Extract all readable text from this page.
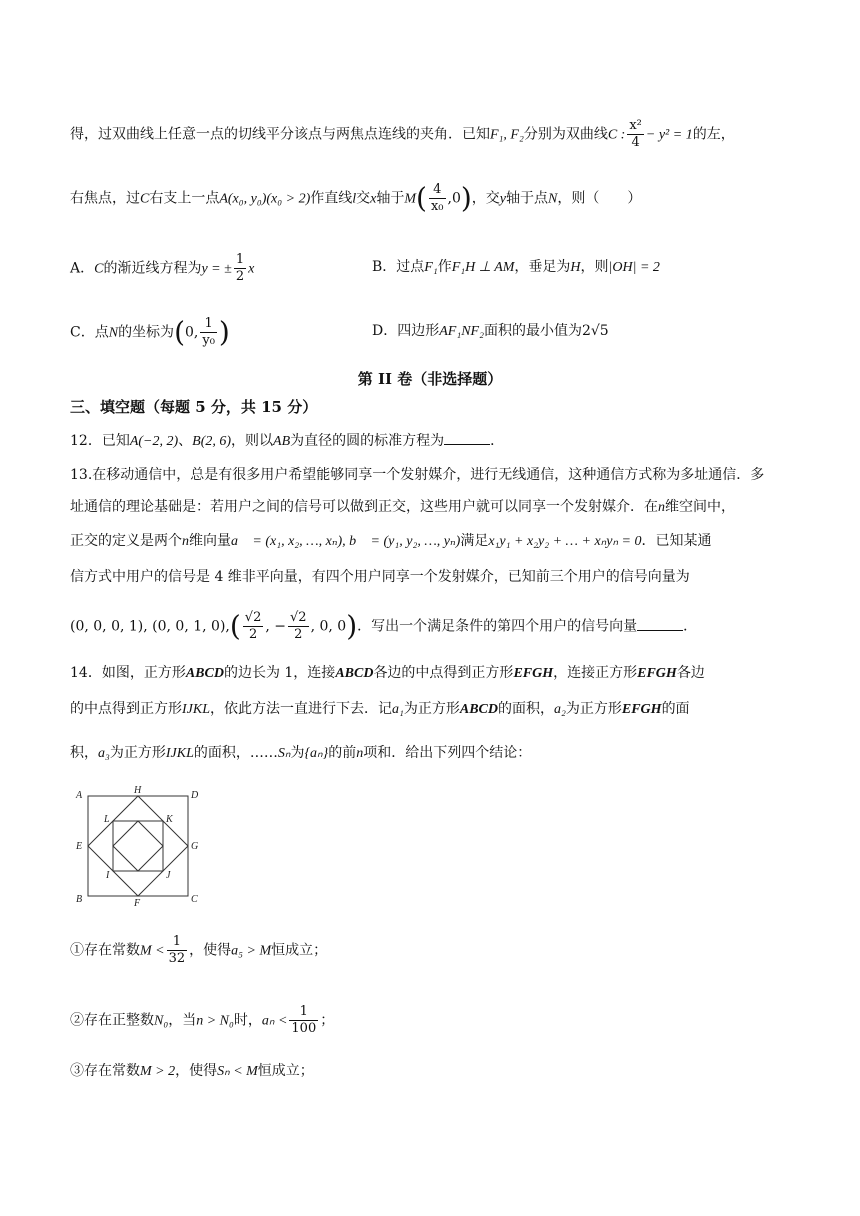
得，过双曲线上任意一点的切线平分该点与两焦点连线的夹角．已知F₁, F₂分别为双曲线C : $\frac{\text{x²}}{4} - y^2 = 1$的左，
右焦点，过C右支上一点A(x₀, y₀)(x₀ > 2)作直线l交x轴于$M( \frac{4}{\text{x₀}} ,0)$，交y轴于点N，则（　　）
A．C的渐近线方程为y = ± $\frac{1}{2}$ x	B．过点F₁作F₁H ⊥ AM，垂足为H，则|OH| = 2
C．点N的坐标为(0, $\frac{1}{\text{y₀}}$ )	D．四边形AF₁NF₂面积的最小值为2√5
第 II 卷（非选择题）
三、填空题（每题 5 分，共 15 分）
12．已知A(−2, 2)、B(2, 6)，则以AB为直径的圆的标准方程为	．
13.在移动通信中，总是有很多用户希望能够同享一个发射媒介，进行无线通信，这种通信方式称为多址通信．多
址通信的理论基础是：若用户之间的信号可以做到正交，这些用户就可以同享一个发射媒介．在n维空间中，
正交的定义是两个n维向量a⃗ = (x₁, x₂, …, xₙ), b⃗ = (y₁, y₂, …, yₙ)满足x₁y₁ + x₂y₂ + … + xₙyₙ = 0．已知某通
信方式中用户的信号是 4 维非平向量，有四个用户同享一个发射媒介，已知前三个用户的信号向量为
(0, 0, 0, 1), (0, 0, 1, $0),( \frac{√2}{2}$ , − $\frac{√2}{2}$ , 0, 0)．写出一个满足条件的第四个用户的信号向量	．
14．如图，正方形ABCD的边长为 1，连接ABCD各边的中点得到正方形EFGH，连接正方形EFGH各边
的中点得到正方形IJKL，依此方法一直进行下去．记a₁为正方形ABCD的面积，a₂为正方形EFGH的面
积，a₃为正方形IJKL的面积，……Sₙ为{aₙ}的前n项和．给出下列四个结论：
A	D
B	C
H
F
E	G
L	K
I	J
①存在常数$M < \frac{1}{32}$ ，使得a₅ > M恒成立；
②存在正整数N₀，当n > N₀时，$a_n < \frac{1}{100}$ ；
③存在常数M > 2，使得Sₙ < M恒成立；
